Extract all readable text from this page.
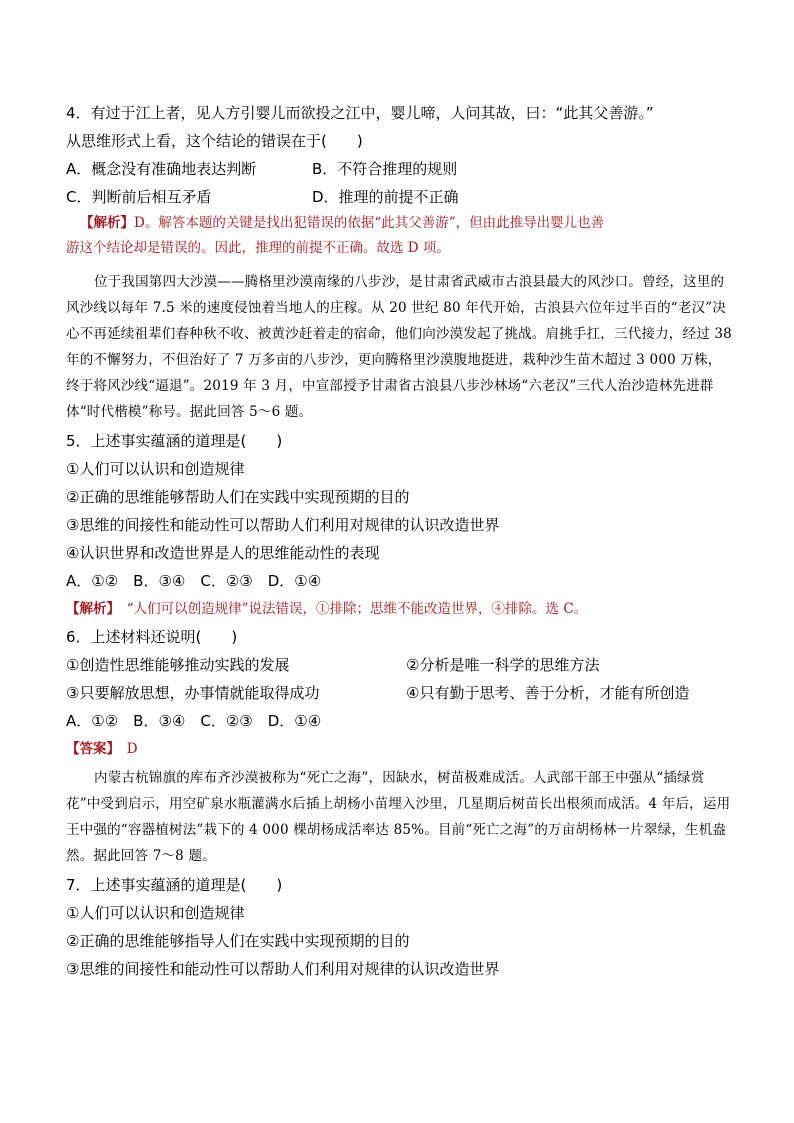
4．有过于江上者，见人方引婴儿而欲投之江中，婴儿啼，人问其故，曰：“此其父善游。”
从思维形式上看，这个结论的错误在于(　　)
A．概念没有准确地表达判断	B．不符合推理的规则
C．判断前后相互矛盾	D．推理的前提不正确
【解析】D。解答本题的关键是找出犯错误的依据“此其父善游”，但由此推导出婴儿也善
游这个结论却是错误的。因此，推理的前提不正确。故选 D 项。
位于我国第四大沙漠——腾格里沙漠南缘的八步沙，是甘肃省武威市古浪县最大的风沙口。曾经，这里的风沙线以每年 7.5 米的速度侵蚀着当地人的庄稼。从 20 世纪 80 年代开始，古浪县六位年过半百的“老汉”决心不再延续祖辈们春种秋不收、被黄沙赶着走的宿命，他们向沙漠发起了挑战。肩挑手扛，三代接力，经过 38 年的不懈努力，不但治好了 7 万多亩的八步沙，更向腾格里沙漠腹地挺进，栽种沙生苗木超过 3 000 万株，终于将风沙线“逼退”。2019 年 3 月，中宣部授予甘肃省古浪县八步沙林场“六老汉”三代人治沙造林先进群体“时代楷模”称号。据此回答 5～6 题。
5．上述事实蕴涵的道理是(　　)
①人们可以认识和创造规律
②正确的思维能够帮助人们在实践中实现预期的目的
③思维的间接性和能动性可以帮助人们利用对规律的认识改造世界
④认识世界和改造世界是人的思维能动性的表现
A．①②　B．③④　C．②③　D．①④
【解析】　“人们可以创造规律”说法错误，①排除；思维不能改造世界，④排除。选 C。
6．上述材料还说明(　　)
①创造性思维能够推动实践的发展	②分析是唯一科学的思维方法
③只要解放思想，办事情就能取得成功	④只有勤于思考、善于分析，才能有所创造
A．①②　B．③④　C．②③　D．①④
【答案】　D
内蒙古杭锦旗的库布齐沙漠被称为“死亡之海”，因缺水，树苗极难成活。人武部干部王中强从“插绿赏花”中受到启示，用空矿泉水瓶灌满水后插上胡杨小苗埋入沙里，几星期后树苗长出根须而成活。4 年后，运用王中强的“容器植树法”栽下的 4 000 棵胡杨成活率达 85%。目前“死亡之海”的万亩胡杨林一片翠绿，生机盎然。据此回答 7～8 题。
7．上述事实蕴涵的道理是(　　)
①人们可以认识和创造规律
②正确的思维能够指导人们在实践中实现预期的目的
③思维的间接性和能动性可以帮助人们利用对规律的认识改造世界
